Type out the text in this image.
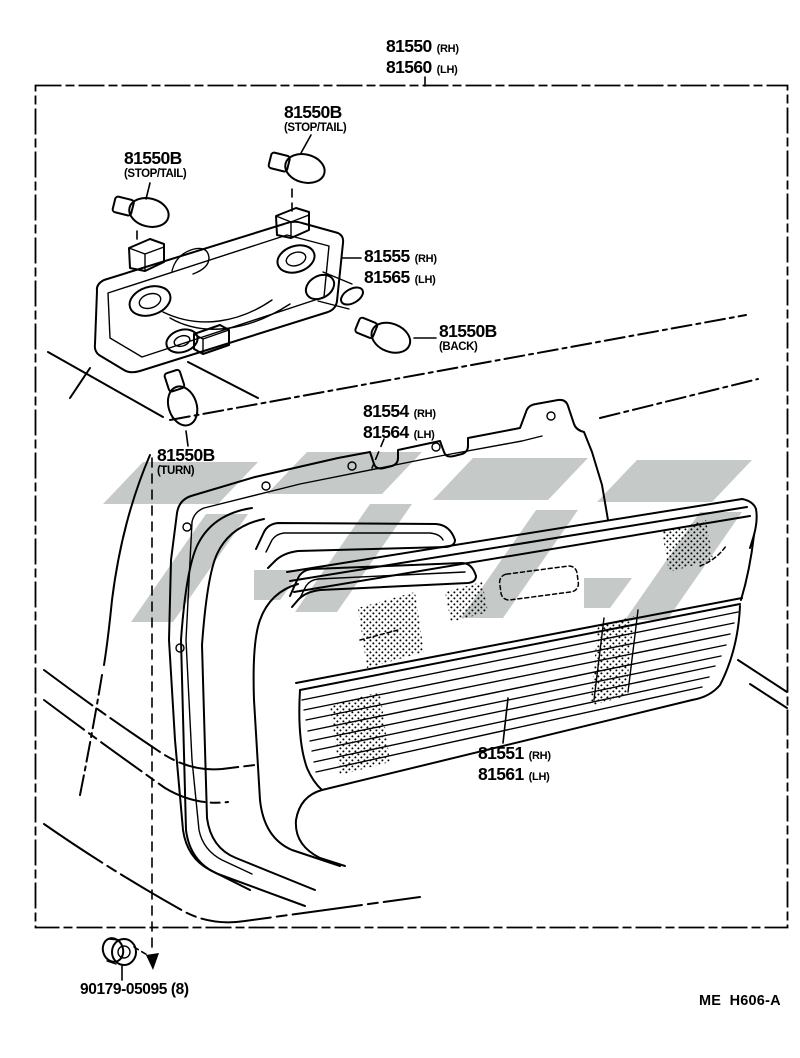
81550 (RH)
81560 (LH)
81550B
(STOP/TAIL)
81550B
(STOP/TAIL)
81555 (RH)
81565 (LH)
81550B
(BACK)
81550B
(TURN)
81554 (RH)
81564 (LH)
81551 (RH)
81561 (LH)
90179-05095 (8)
ME  H606-A
